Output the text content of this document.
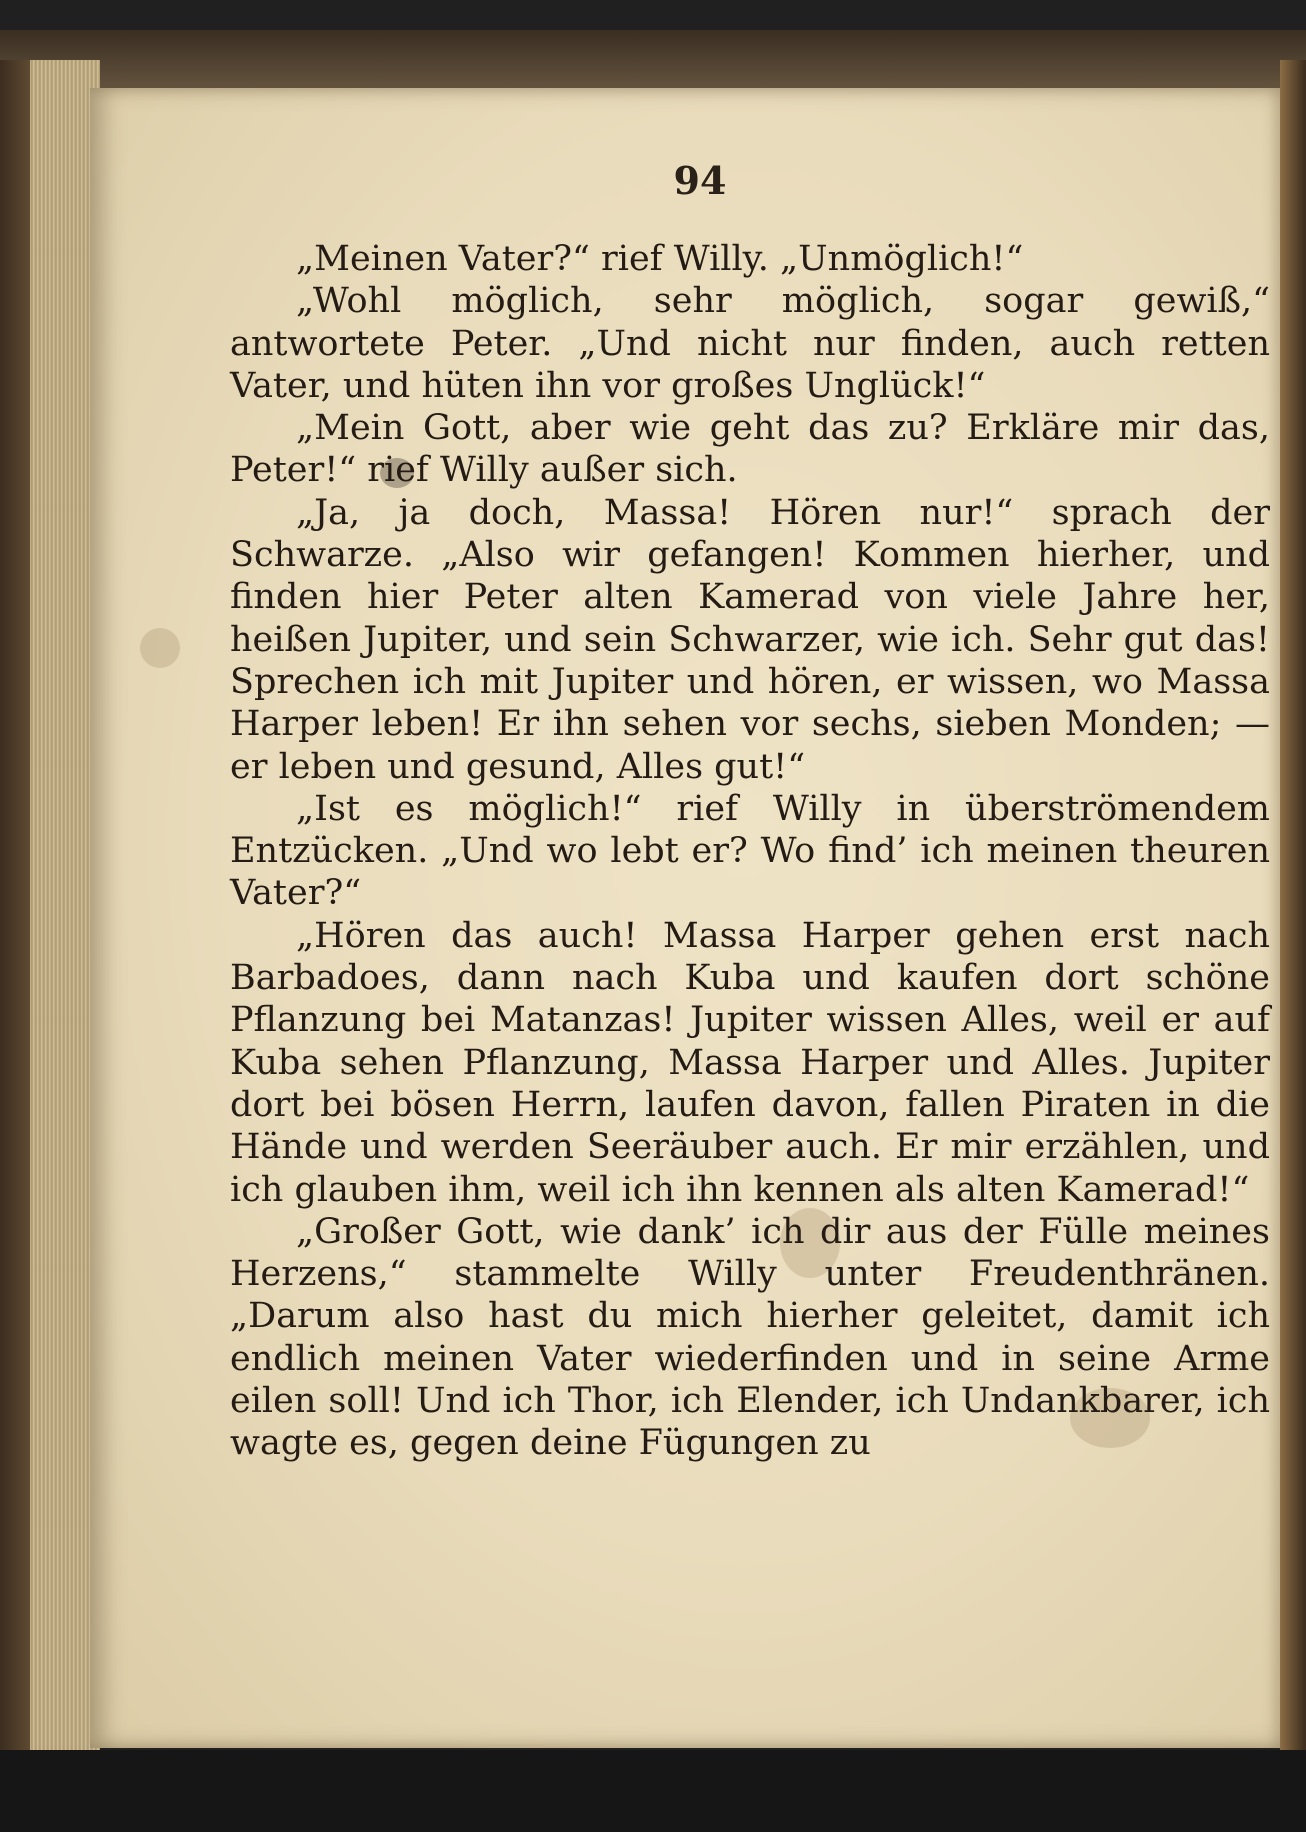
94

„Meinen Vater?“ rief Willy. „Unmöglich!“

„Wohl möglich, sehr möglich, sogar gewiß,“ antwortete Peter. „Und nicht nur finden, auch retten Vater, und hüten ihn vor großes Unglück!“

„Mein Gott, aber wie geht das zu? Erkläre mir das, Peter!“ rief Willy außer sich.

„Ja, ja doch, Massa! Hören nur!“ sprach der Schwarze. „Also wir gefangen! Kommen hierher, und finden hier Peter alten Kamerad von viele Jahre her, heißen Jupiter, und sein Schwarzer, wie ich. Sehr gut das! Sprechen ich mit Jupiter und hören, er wissen, wo Massa Harper leben! Er ihn sehen vor sechs, sieben Monden; — er leben und gesund, Alles gut!“

„Ist es möglich!“ rief Willy in überströmendem Entzücken. „Und wo lebt er? Wo find’ ich meinen theuren Vater?“

„Hören das auch! Massa Harper gehen erst nach Barbadoes, dann nach Kuba und kaufen dort schöne Pflanzung bei Matanzas! Jupiter wissen Alles, weil er auf Kuba sehen Pflanzung, Massa Harper und Alles. Jupiter dort bei bösen Herrn, laufen davon, fallen Piraten in die Hände und werden Seeräuber auch. Er mir erzählen, und ich glauben ihm, weil ich ihn kennen als alten Kamerad!“

„Großer Gott, wie dank’ ich dir aus der Fülle meines Herzens,“ stammelte Willy unter Freudenthränen. „Darum also hast du mich hierher geleitet, damit ich endlich meinen Vater wiederfinden und in seine Arme eilen soll! Und ich Thor, ich Elender, ich Undankbarer, ich wagte es, gegen deine Fügungen zu
